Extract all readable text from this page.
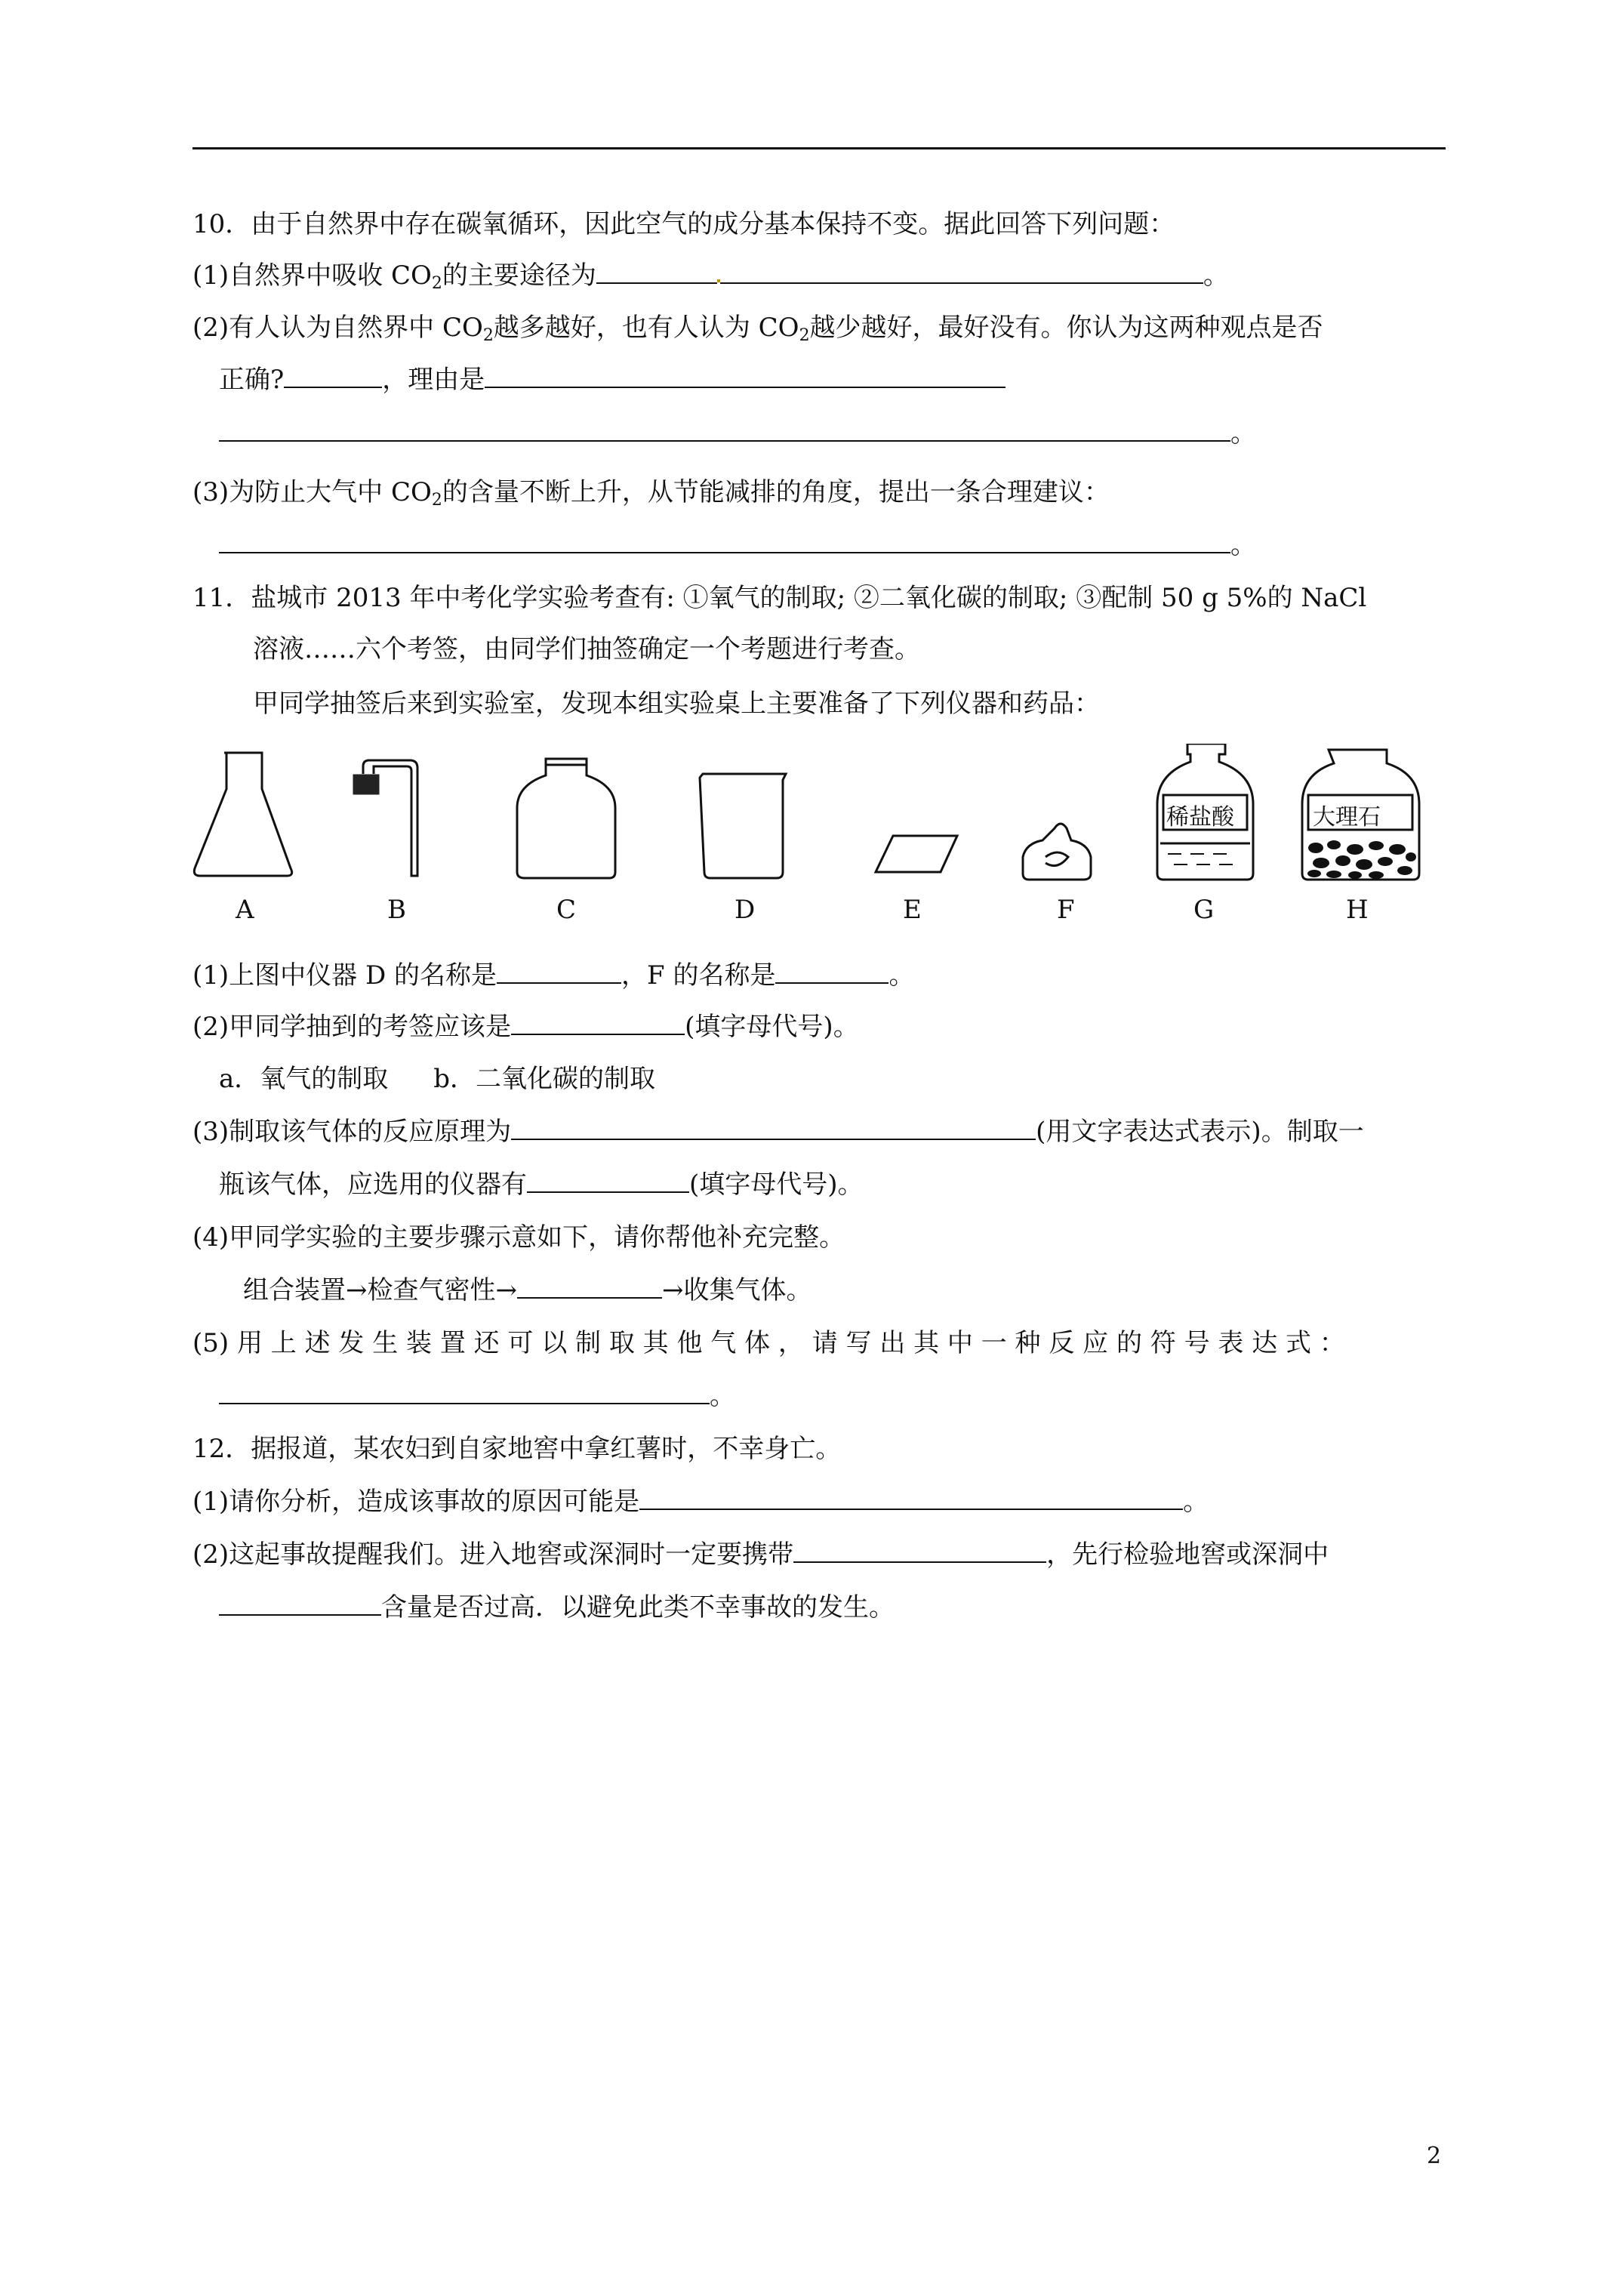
10．由于自然界中存在碳氧循环，因此空气的成分基本保持不变。据此回答下列问题：
(1)自然界中吸收 $CO_2$的主要途径为	。
(2)有人认为自然界中 $CO_2$越多越好，也有人认为 $CO_2$越少越好，最好没有。你认为这两种观点是否
正确?	，理由是
。
(3)为防止大气中 $CO_2$的含量不断上升，从节能减排的角度，提出一条合理建议：
。
11．盐城市 2013 年中考化学实验考查有: ①氧气的制取; ②二氧化碳的制取; ③配制 50 g 5%的 NaCl
溶液……六个考签，由同学们抽签确定一个考题进行考查。
甲同学抽签后来到实验室，发现本组实验桌上主要准备了下列仪器和药品：
稀盐酸	大理石
A	B	C	D	E	F	G	H
(1)上图中仪器 D 的名称是	，F 的名称是	。
(2)甲同学抽到的考签应该是	(填字母代号)。
a．氧气的制取 b．二氧化碳的制取
(3)制取该气体的反应原理为	(用文字表达式表示)。制取一
瓶该气体，应选用的仪器有	(填字母代号)。
(4)甲同学实验的主要步骤示意如下，请你帮他补充完整。
组合装置→检查气密性→	→收集气体。
(5) 用 上 述 发 生 装 置 还 可 以 制 取 其 他 气 体 ， 请 写 出 其 中 一 种 反 应 的 符 号 表 达 式 ：
。
12．据报道，某农妇到自家地窖中拿红薯时，不幸身亡。
(1)请你分析，造成该事故的原因可能是	。
(2)这起事故提醒我们。进入地窖或深洞时一定要携带	，先行检验地窖或深洞中
含量是否过高．以避免此类不幸事故的发生。
2
